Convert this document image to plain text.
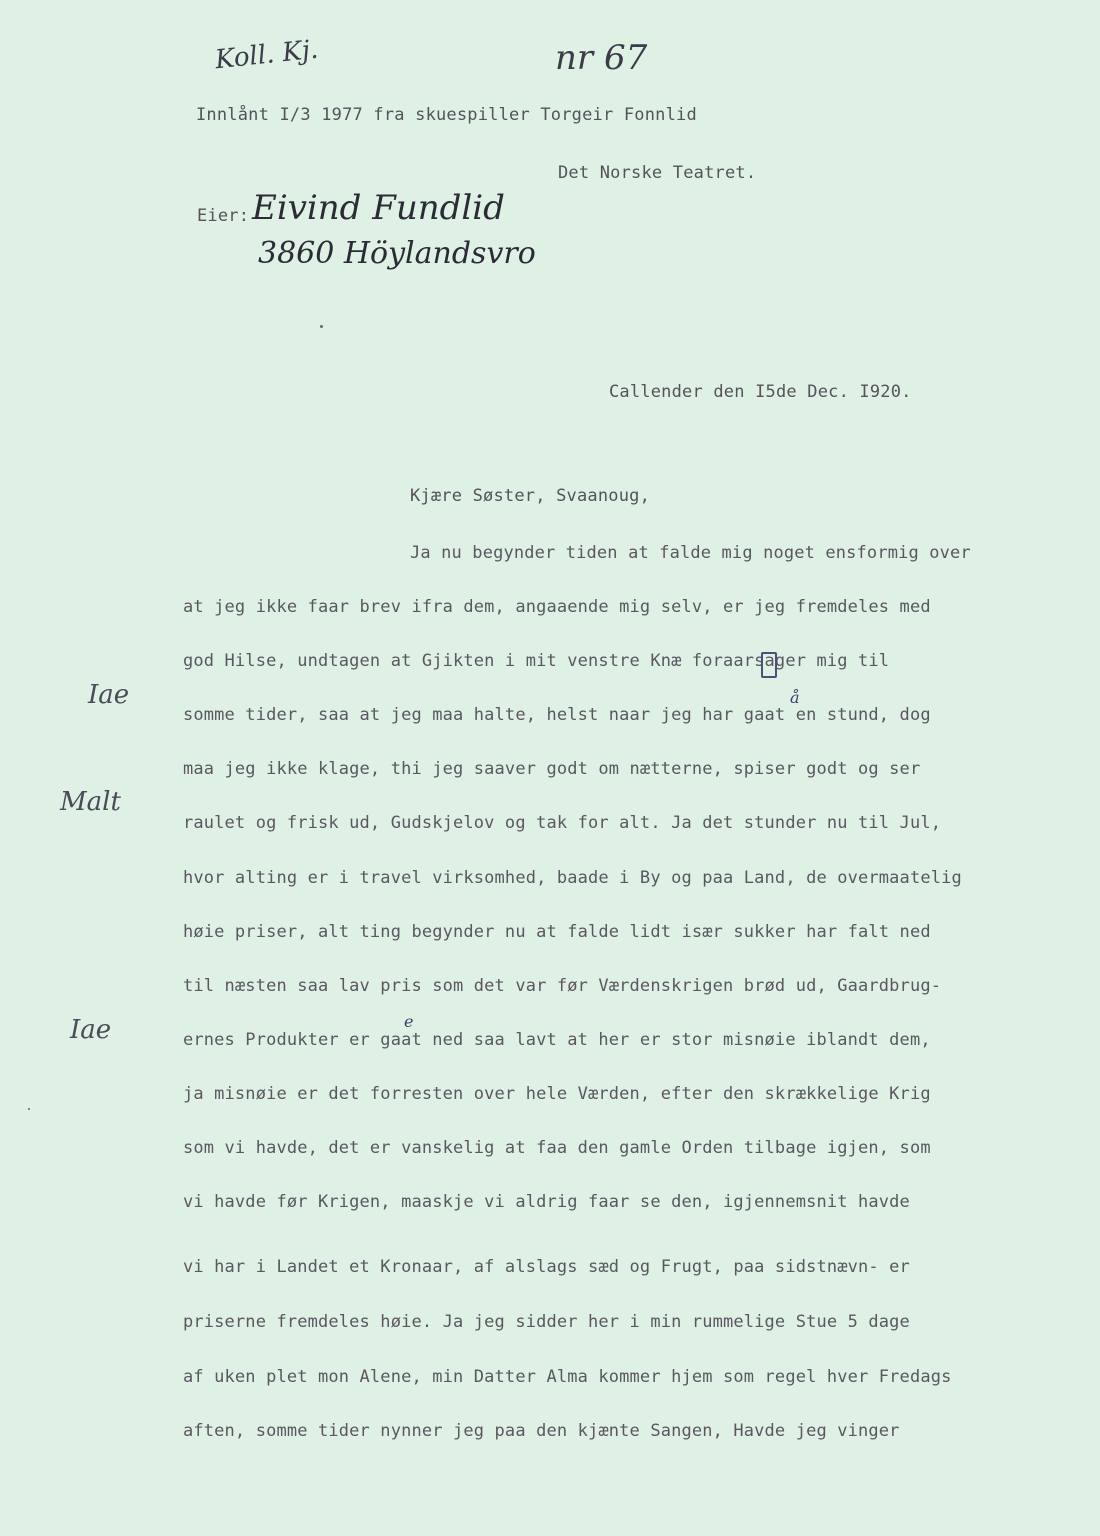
Koll. Kj.	nr 67
Innlånt I/3 1977 fra skuespiller Torgeir Fonnlid
Det Norske Teatret.
Eier: Eivind Fundlid
3860 Höylandsvro
Callender den I5de Dec. I920.
Kjære Søster, Svaanoug,
Ja nu begynder tiden at falde mig noget ensformig over
at jeg ikke faar brev ifra dem, angaaende mig selv, er jeg fremdeles med
god Hilse, undtagen at Gjikten i mit venstre Knæ foraarsager mig til
somme tider, saa at jeg maa halte, helst naar jeg har gaat en stund, dog
maa jeg ikke klage, thi jeg saaver godt om nætterne, spiser godt og ser
raulet og frisk ud, Gudskjelov og tak for alt. Ja det stunder nu til Jul,
hvor alting er i travel virksomhed, baade i By og paa Land, de overmaatelig
høie priser, alt ting begynder nu at falde lidt især sukker har falt ned
til næsten saa lav pris som det var før Værdenskrigen brød ud, Gaardbrug-
ernes Produkter er gaat ned saa lavt at her er stor misnøie iblandt dem,
ja misnøie er det forresten over hele Værden, efter den skrækkelige Krig
som vi havde, det er vanskelig at faa den gamle Orden tilbage igjen, som
vi havde før Krigen, maaskje vi aldrig faar se den, igjennemsnit havde
vi har i Landet et Kronaar, af alslags sæd og Frugt, paa sidstnævn- er
priserne fremdeles høie. Ja jeg sidder her i min rummelige Stue 5 dage
af uken plet mon Alene, min Datter Alma kommer hjem som regel hver Fredags
aften, somme tider nynner jeg paa den kjænte Sangen, Havde jeg vinger
å
e
Iae
Malt
Iae
